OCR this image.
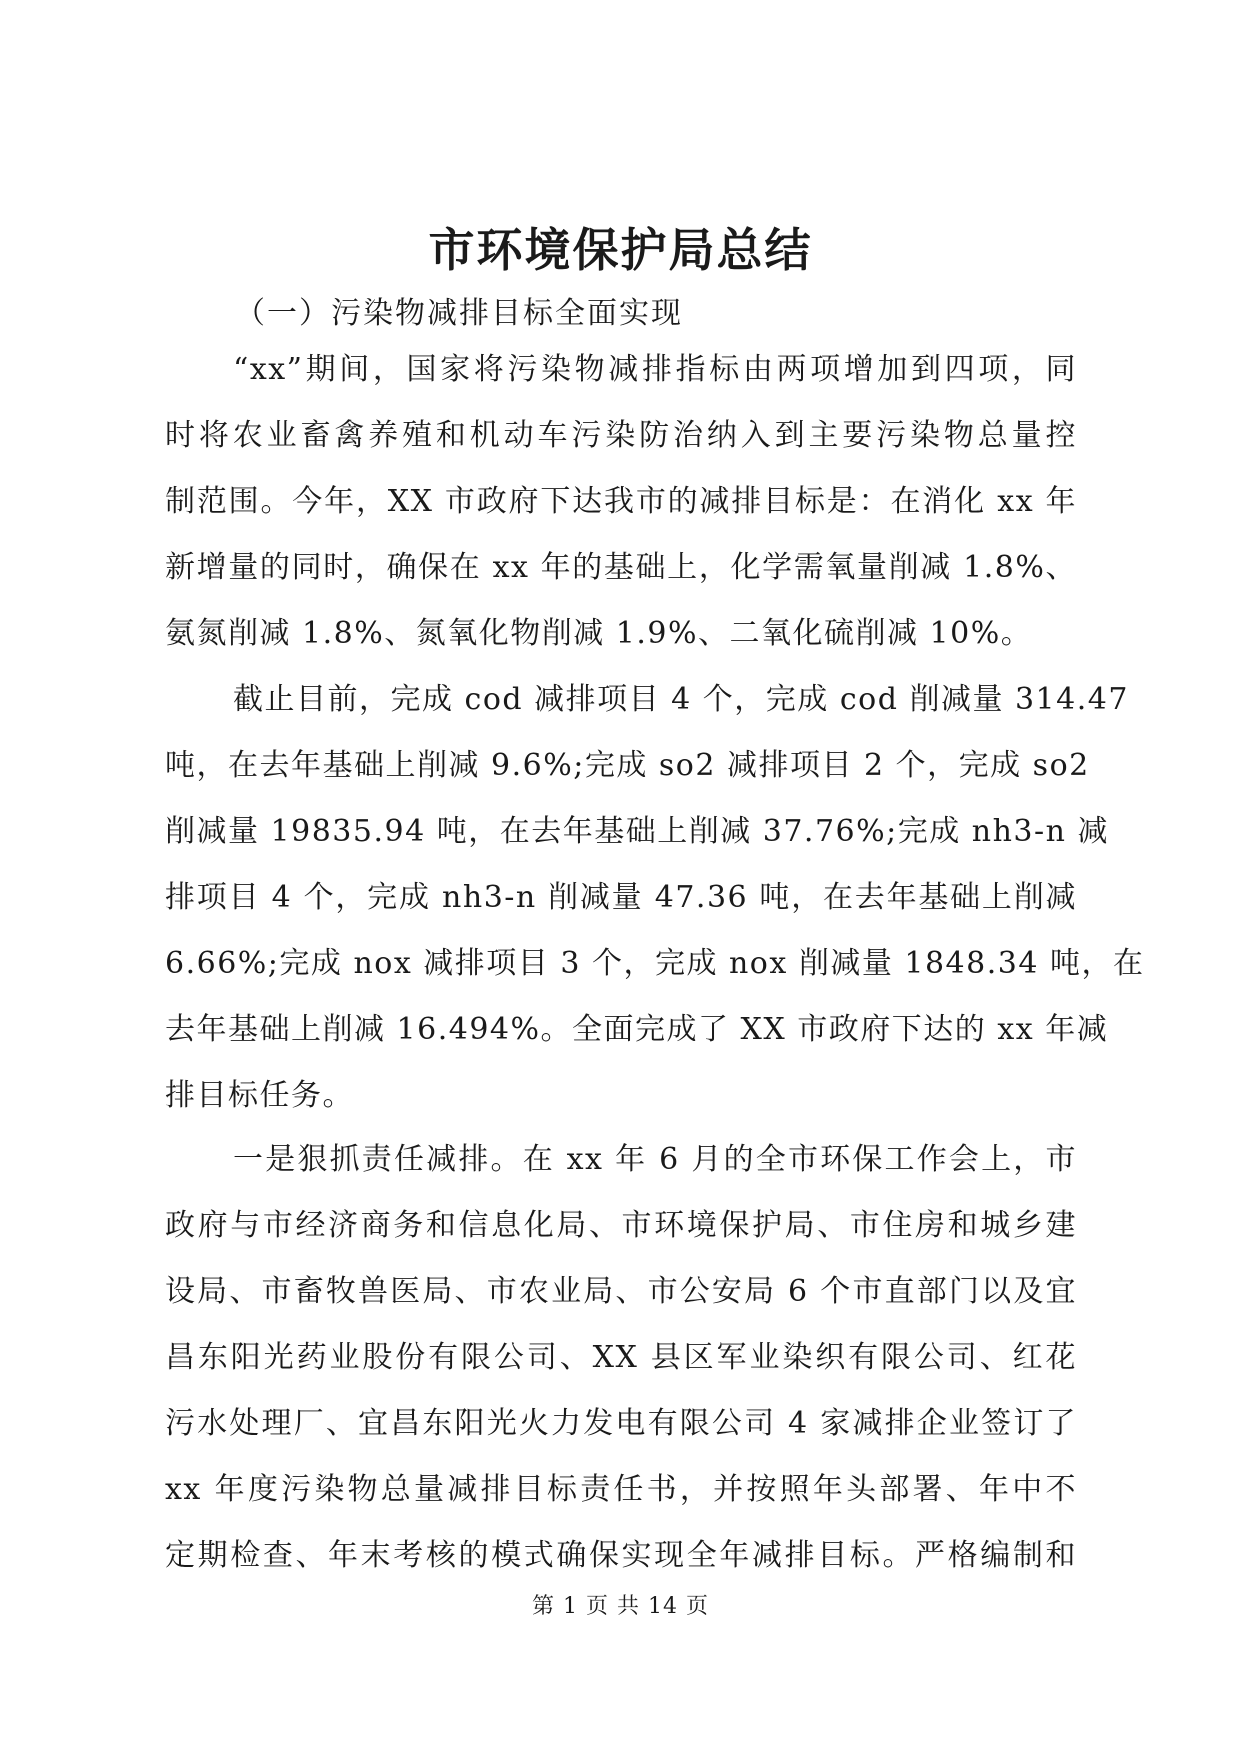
市环境保护局总结

（一）污染物减排目标全面实现

“xx”期间，国家将污染物减排指标由两项增加到四项，同
时将农业畜禽养殖和机动车污染防治纳入到主要污染物总量控
制范围。今年，XX 市政府下达我市的减排目标是：在消化 xx 年
新增量的同时，确保在 xx 年的基础上，化学需氧量削减 1.8%、
氨氮削减 1.8%、氮氧化物削减 1.9%、二氧化硫削减 10%。
截止目前，完成 cod 减排项目 4 个，完成 cod 削减量 314.47
吨，在去年基础上削减 9.6%;完成 so2 减排项目 2 个，完成 so2
削减量 19835.94 吨，在去年基础上削减 37.76%;完成 nh3-n 减
排项目 4 个，完成 nh3-n 削减量 47.36 吨，在去年基础上削减
6.66%;完成 nox 减排项目 3 个，完成 nox 削减量 1848.34 吨，在
去年基础上削减 16.494%。全面完成了 XX 市政府下达的 xx 年减
排目标任务。
一是狠抓责任减排。在 xx 年 6 月的全市环保工作会上，市
政府与市经济商务和信息化局、市环境保护局、市住房和城乡建
设局、市畜牧兽医局、市农业局、市公安局 6 个市直部门以及宜
昌东阳光药业股份有限公司、XX 县区军业染织有限公司、红花
污水处理厂、宜昌东阳光火力发电有限公司 4 家减排企业签订了
xx 年度污染物总量减排目标责任书，并按照年头部署、年中不
定期检查、年末考核的模式确保实现全年减排目标。严格编制和

第 1 页 共 14 页
